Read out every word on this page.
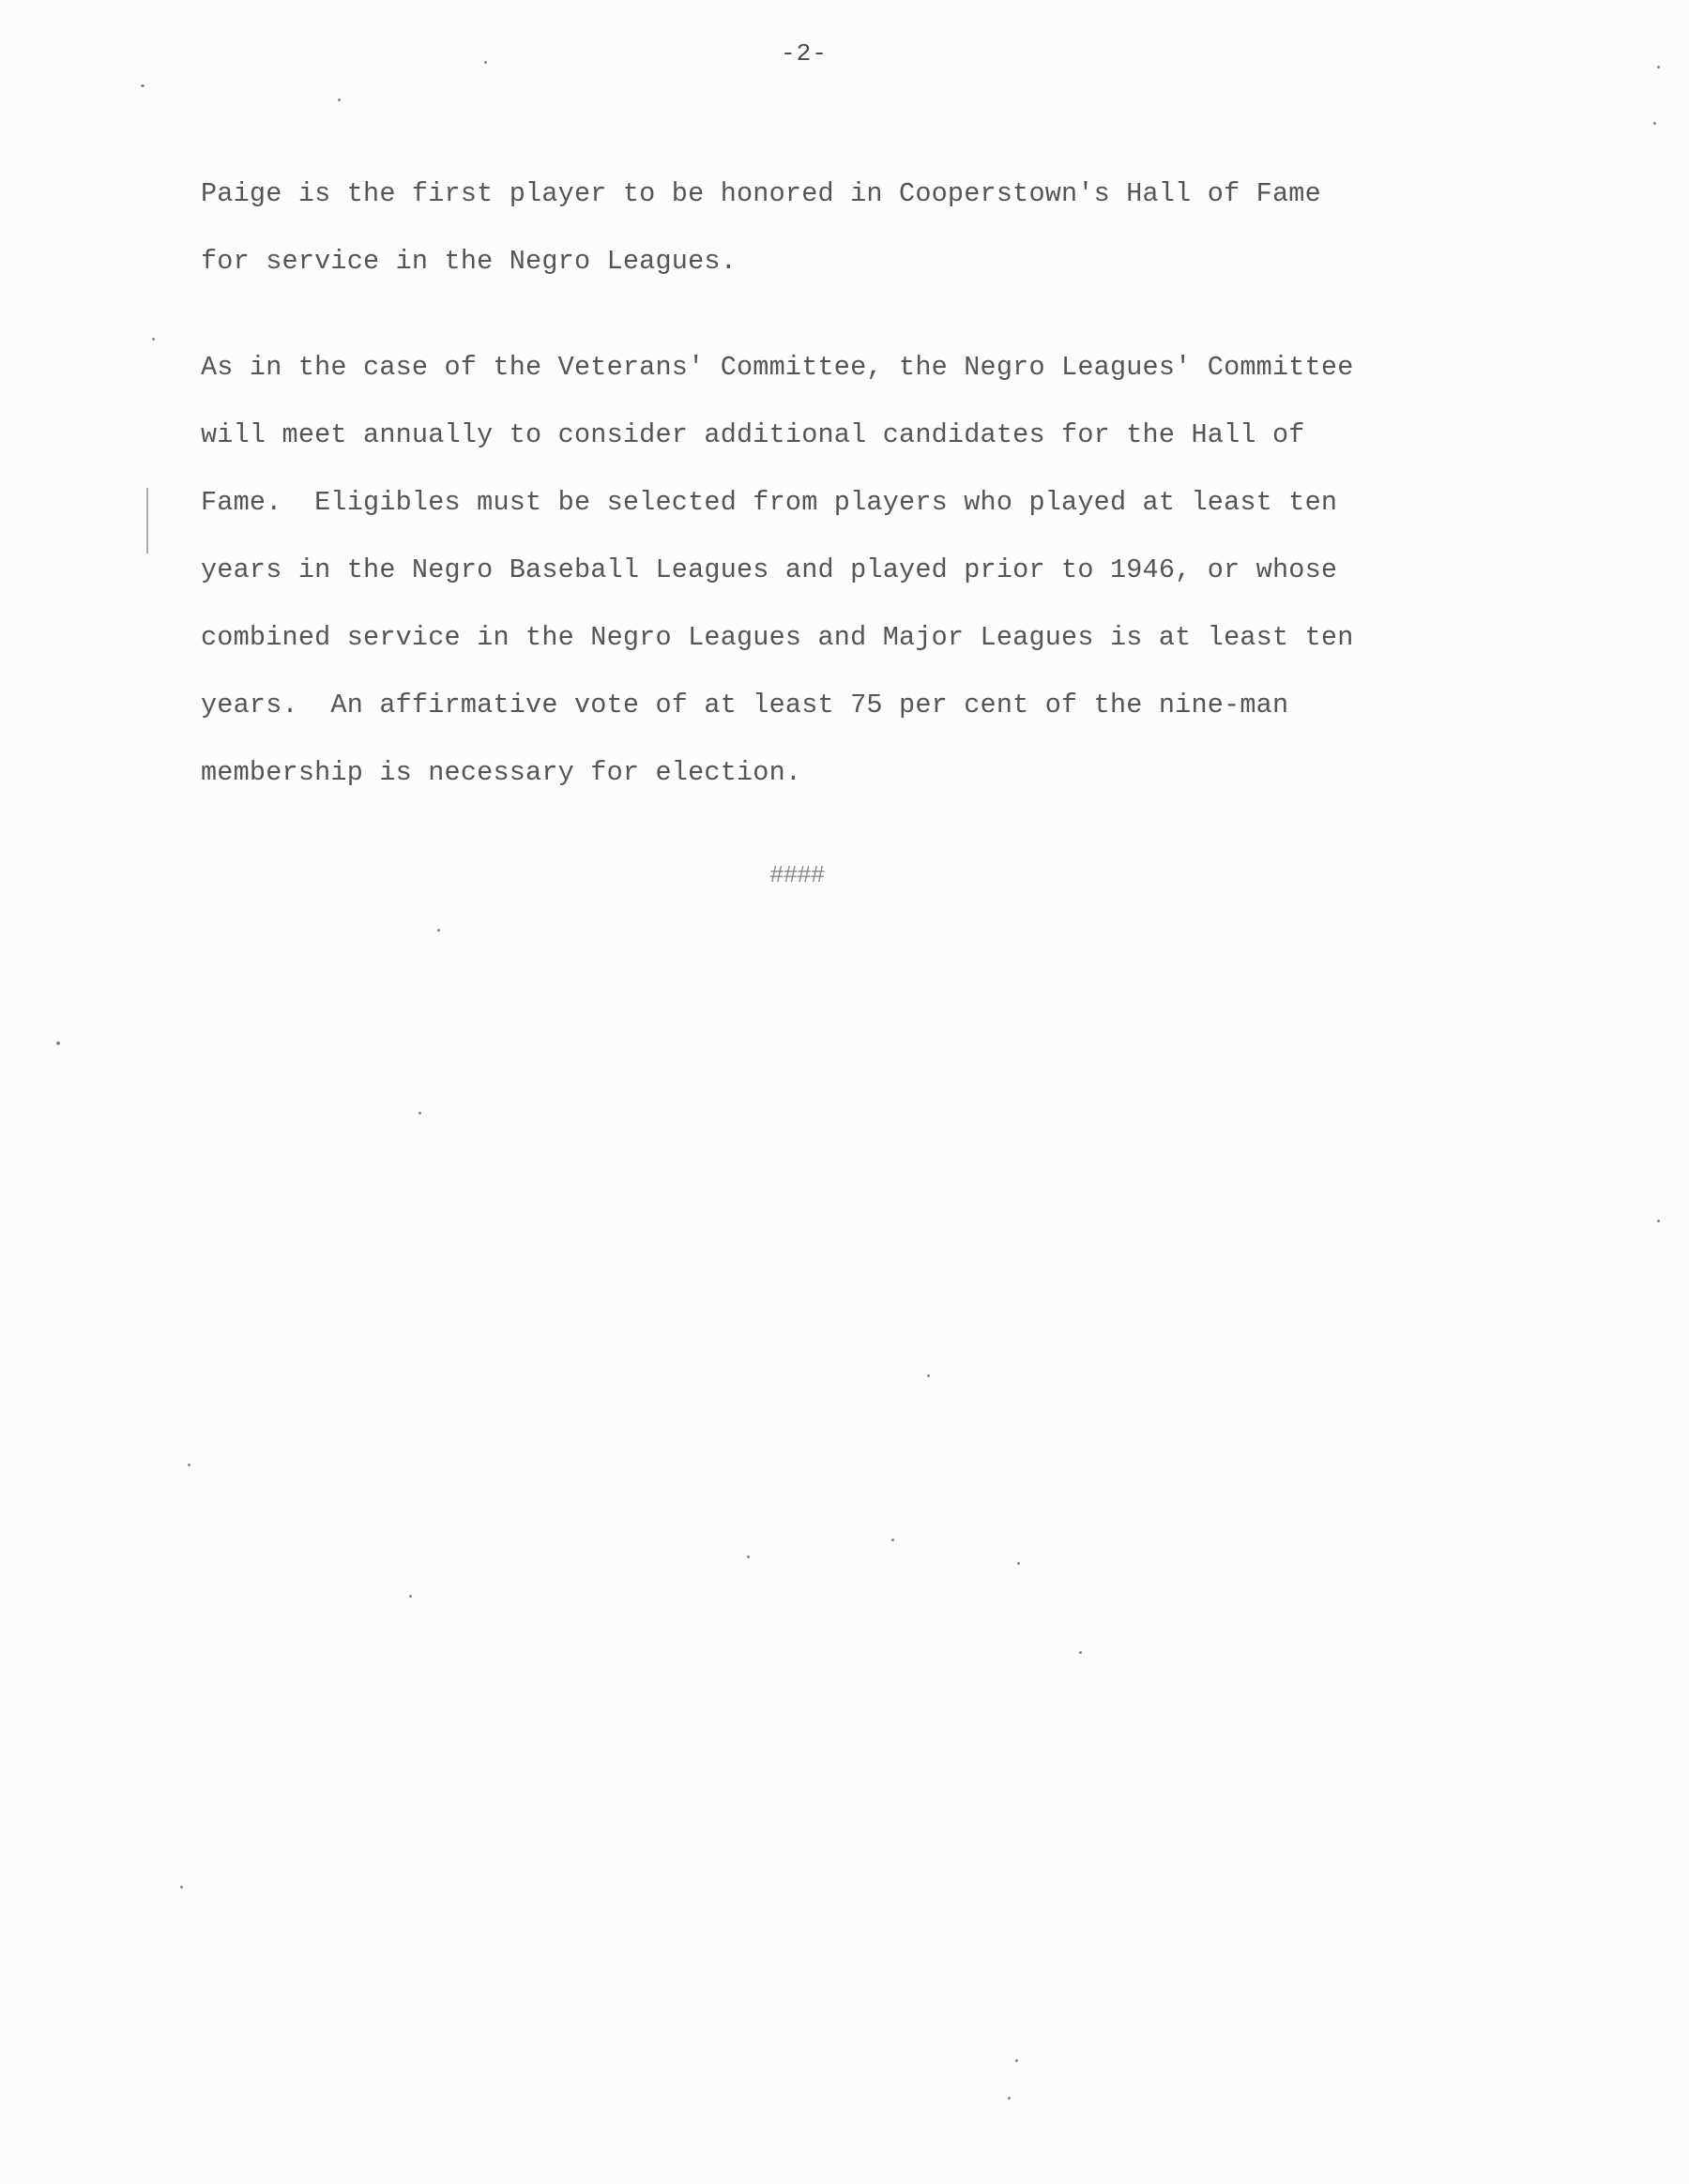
-2-
Paige is the first player to be honored in Cooperstown's Hall of Fame
for service in the Negro Leagues.
As in the case of the Veterans' Committee, the Negro Leagues' Committee
will meet annually to consider additional candidates for the Hall of
Fame.  Eligibles must be selected from players who played at least ten
years in the Negro Baseball Leagues and played prior to 1946, or whose
combined service in the Negro Leagues and Major Leagues is at least ten
years.  An affirmative vote of at least 75 per cent of the nine-man
membership is necessary for election.
####
